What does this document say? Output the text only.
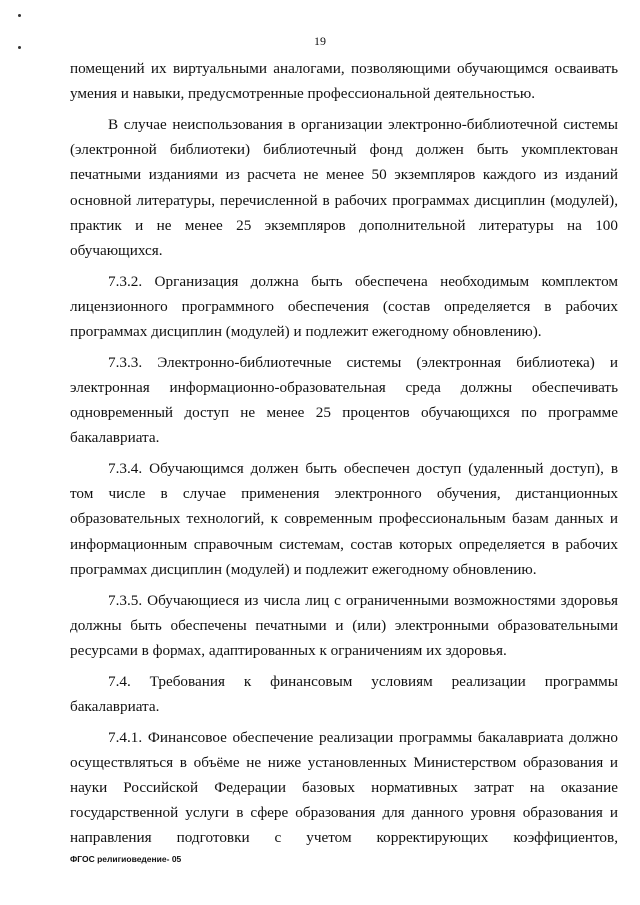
19

помещений их виртуальными аналогами, позволяющими обучающимся осваивать умения и навыки, предусмотренные профессиональной деятельностью.

В случае неиспользования в организации электронно-библиотечной системы (электронной библиотеки) библиотечный фонд должен быть укомплектован печатными изданиями из расчета не менее 50 экземпляров каждого из изданий основной литературы, перечисленной в рабочих программах дисциплин (модулей), практик и не менее 25 экземпляров дополнительной литературы на 100 обучающихся.

7.3.2. Организация должна быть обеспечена необходимым комплектом лицензионного программного обеспечения (состав определяется в рабочих программах дисциплин (модулей) и подлежит ежегодному обновлению).

7.3.3. Электронно-библиотечные системы (электронная библиотека) и электронная информационно-образовательная среда должны обеспечивать одновременный доступ не менее 25 процентов обучающихся по программе бакалавриата.

7.3.4. Обучающимся должен быть обеспечен доступ (удаленный доступ), в том числе в случае применения электронного обучения, дистанционных образовательных технологий, к современным профессиональным базам данных и информационным справочным системам, состав которых определяется в рабочих программах дисциплин (модулей) и подлежит ежегодному обновлению.

7.3.5. Обучающиеся из числа лиц с ограниченными возможностями здоровья должны быть обеспечены печатными и (или) электронными образовательными ресурсами в формах, адаптированных к ограничениям их здоровья.

7.4. Требования к финансовым условиям реализации программы бакалавриата.

7.4.1. Финансовое обеспечение реализации программы бакалавриата должно осуществляться в объёме не ниже установленных Министерством образования и науки Российской Федерации базовых нормативных затрат на оказание государственной услуги в сфере образования для данного уровня образования и направления подготовки с учетом корректирующих коэффициентов,

ФГОС религиоведение- 05
